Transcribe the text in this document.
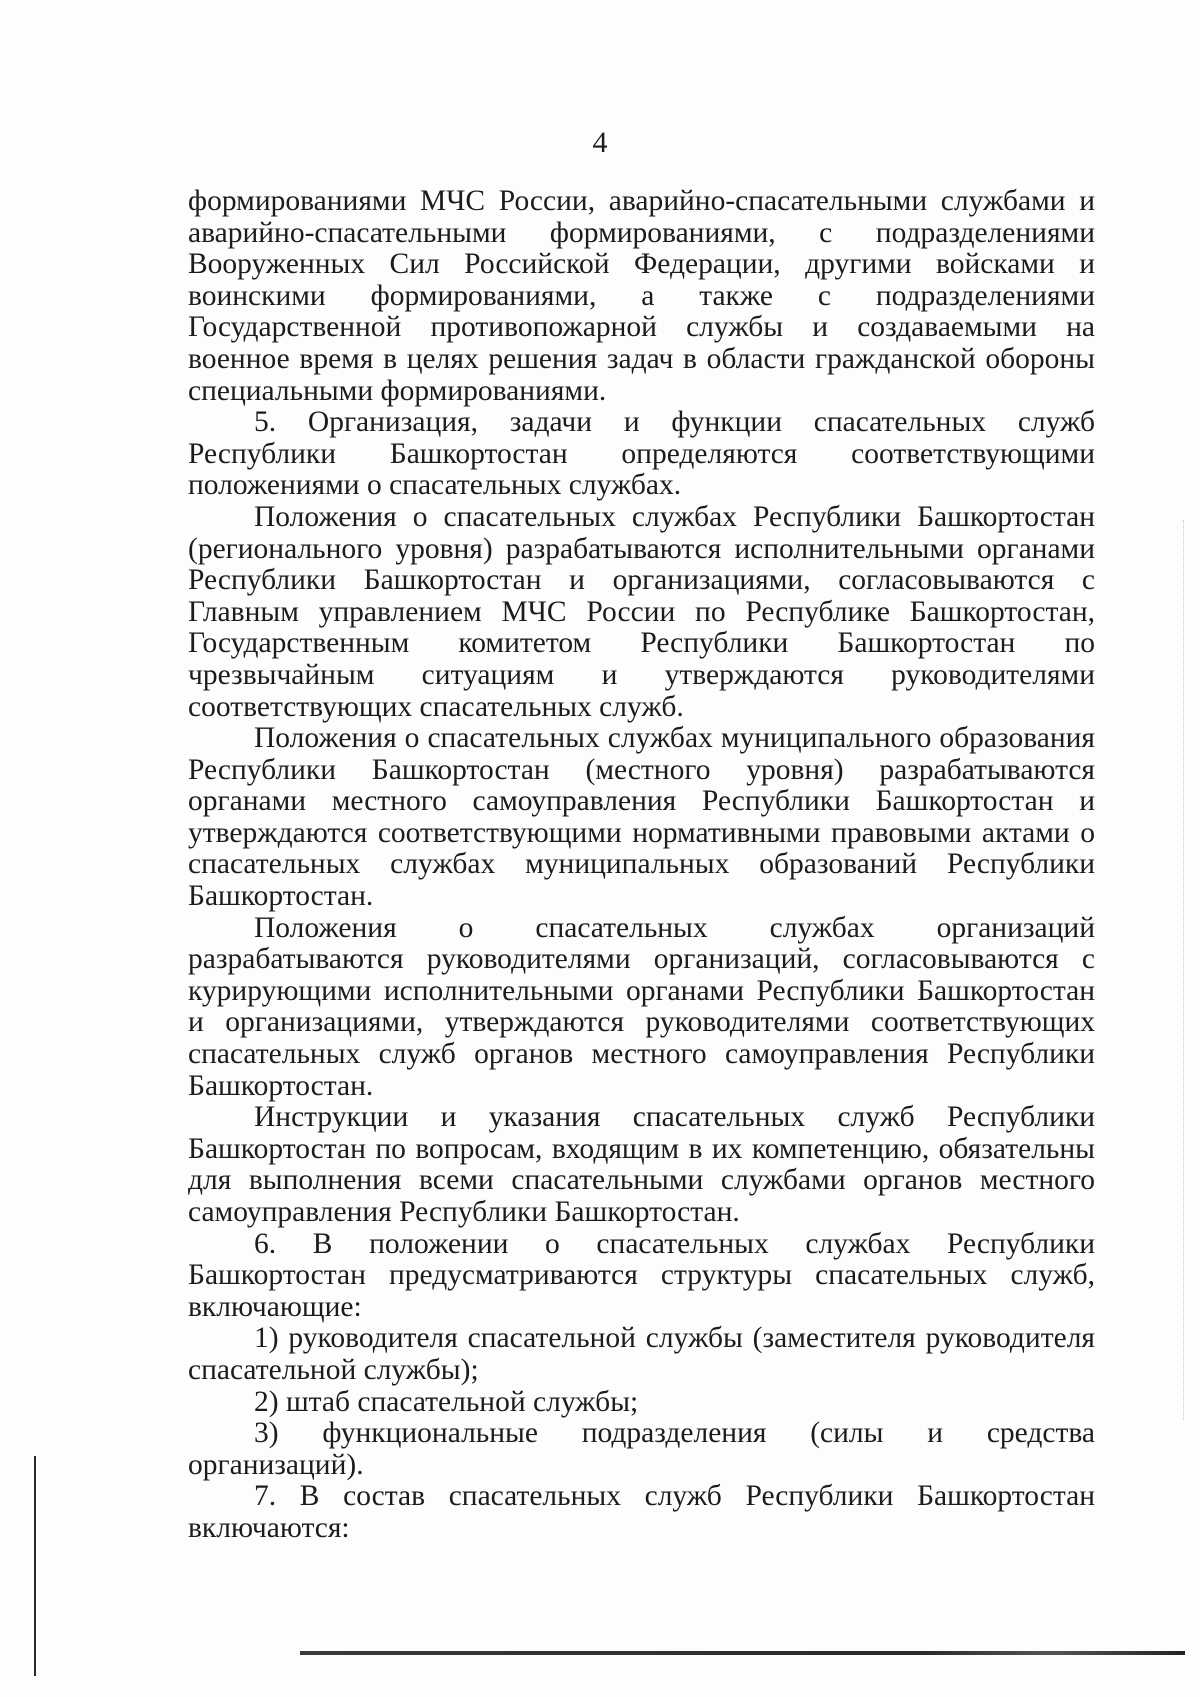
4

формированиями МЧС России, аварийно-спасательными службами и аварийно-спасательными формированиями, с подразделениями Вооруженных Сил Российской Федерации, другими войсками и воинскими формированиями, а также с подразделениями Государственной противопожарной службы и создаваемыми на военное время в целях решения задач в области гражданской обороны специальными формированиями.

5. Организация, задачи и функции спасательных служб Республики Башкортостан определяются соответствующими положениями о спасательных службах.

Положения о спасательных службах Республики Башкортостан (регионального уровня) разрабатываются исполнительными органами Республики Башкортостан и организациями, согласовываются с Главным управлением МЧС России по Республике Башкортостан, Государственным комитетом Республики Башкортостан по чрезвычайным ситуациям и утверждаются руководителями соответствующих спасательных служб.

Положения о спасательных службах муниципального образования Республики Башкортостан (местного уровня) разрабатываются органами местного самоуправления Республики Башкортостан и утверждаются соответствующими нормативными правовыми актами о спасательных службах муниципальных образований Республики Башкортостан.

Положения о спасательных службах организаций разрабатываются руководителями организаций, согласовываются с курирующими исполнительными органами Республики Башкортостан и организациями, утверждаются руководителями соответствующих спасательных служб органов местного самоуправления Республики Башкортостан.

Инструкции и указания спасательных служб Республики Башкортостан по вопросам, входящим в их компетенцию, обязательны для выполнения всеми спасательными службами органов местного самоуправления Республики Башкортостан.

6. В положении о спасательных службах Республики Башкортостан предусматриваются структуры спасательных служб, включающие:

1) руководителя спасательной службы (заместителя руководителя спасательной службы);

2) штаб спасательной службы;

3) функциональные подразделения (силы и средства организаций).

7. В состав спасательных служб Республики Башкортостан включаются:
